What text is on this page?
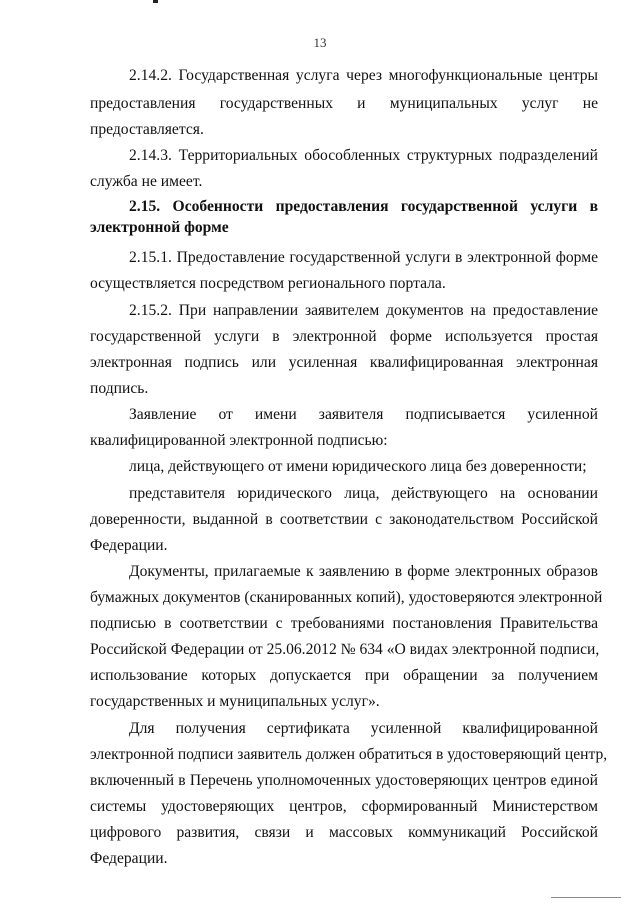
13
2.14.2. Государственная услуга через многофункциональные центры
предоставления государственных и муниципальных услуг не
предоставляется.
2.14.3. Территориальных обособленных структурных подразделений
служба не имеет.
2.15. Особенности предоставления государственной услуги в
электронной форме
2.15.1. Предоставление государственной услуги в электронной форме
осуществляется посредством регионального портала.
2.15.2. При направлении заявителем документов на предоставление
государственной услуги в электронной форме используется простая
электронная подпись или усиленная квалифицированная электронная
подпись.
Заявление от имени заявителя подписывается усиленной
квалифицированной электронной подписью:
лица, действующего от имени юридического лица без доверенности;
представителя юридического лица, действующего на основании
доверенности, выданной в соответствии с законодательством Российской
Федерации.
Документы, прилагаемые к заявлению в форме электронных образов
бумажных документов (сканированных копий), удостоверяются электронной
подписью в соответствии с требованиями постановления Правительства
Российской Федерации от 25.06.2012 № 634 «О видах электронной подписи,
использование которых допускается при обращении за получением
государственных и муниципальных услуг».
Для получения сертификата усиленной квалифицированной
электронной подписи заявитель должен обратиться в удостоверяющий центр,
включенный в Перечень уполномоченных удостоверяющих центров единой
системы удостоверяющих центров, сформированный Министерством
цифрового развития, связи и массовых коммуникаций Российской
Федерации.
